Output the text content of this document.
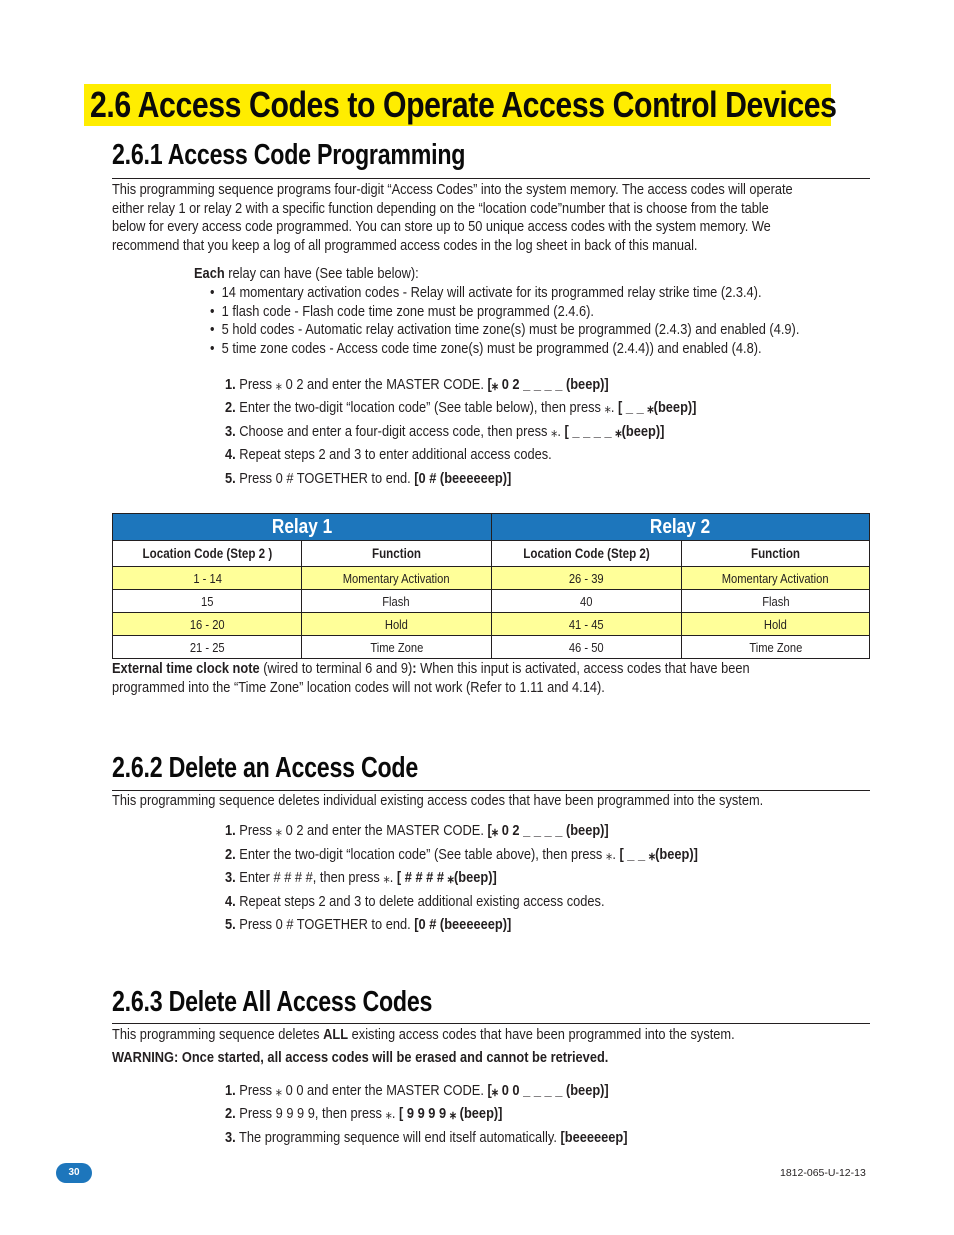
2.6 Access Codes to Operate Access Control Devices
2.6.1 Access Code Programming
This programming sequence programs four-digit “Access Codes” into the system memory. The access codes will operate
either relay 1 or relay 2 with a specific function depending on the “location code”number that is choose from the table
below for every access code programmed. You can store up to 50 unique access codes with the system memory. We
recommend that you keep a log of all programmed access codes in the log sheet in back of this manual.
Each relay can have (See table below):
•  14 momentary activation codes - Relay will activate for its programmed relay strike time (2.3.4).
•  1 flash code - Flash code time zone must be programmed (2.4.6).
•  5 hold codes - Automatic relay activation time zone(s) must be programmed (2.4.3) and enabled (4.9).
•  5 time zone codes - Access code time zone(s) must be programmed (2.4.4)) and enabled (4.8).
1. Press ⁎ 0 2 and enter the MASTER CODE. [⁎ 0 2 _ _ _ _ (beep)]
2. Enter the two-digit “location code” (See table below), then press ⁎. [ _ _ ⁎(beep)]
3. Choose and enter a four-digit access code, then press ⁎. [ _ _ _ _ ⁎(beep)]
4. Repeat steps 2 and 3 to enter additional access codes.
5. Press 0 # TOGETHER to end. [0 # (beeeeeep)]
Relay 1		Relay 2	
Location Code (Step 2 )	Function	Location Code (Step 2)	Function
1 - 14	Momentary Activation	26 - 39	Momentary Activation
15	Flash	40	Flash
16 - 20	Hold	41 - 45	Hold
21 - 25	Time Zone	46 - 50	Time Zone
External time clock note (wired to terminal 6 and 9): When this input is activated, access codes that have been
programmed into the “Time Zone” location codes will not work (Refer to 1.11 and 4.14).
2.6.2 Delete an Access Code
This programming sequence deletes individual existing access codes that have been programmed into the system.
1. Press ⁎ 0 2 and enter the MASTER CODE. [⁎ 0 2 _ _ _ _ (beep)]
2. Enter the two-digit “location code” (See table above), then press ⁎. [ _ _ ⁎(beep)]
3. Enter # # # #, then press ⁎. [ # # # # ⁎(beep)]
4. Repeat steps 2 and 3 to delete additional existing access codes.
5. Press 0 # TOGETHER to end. [0 # (beeeeeep)]
2.6.3 Delete All Access Codes
This programming sequence deletes ALL existing access codes that have been programmed into the system.
WARNING: Once started, all access codes will be erased and cannot be retrieved.
1. Press ⁎ 0 0 and enter the MASTER CODE. [⁎ 0 0 _ _ _ _ (beep)]
2. Press 9 9 9 9, then press ⁎. [ 9 9 9 9 ⁎ (beep)]
3. The programming sequence will end itself automatically. [beeeeeep]
30	1812-065-U-12-13
